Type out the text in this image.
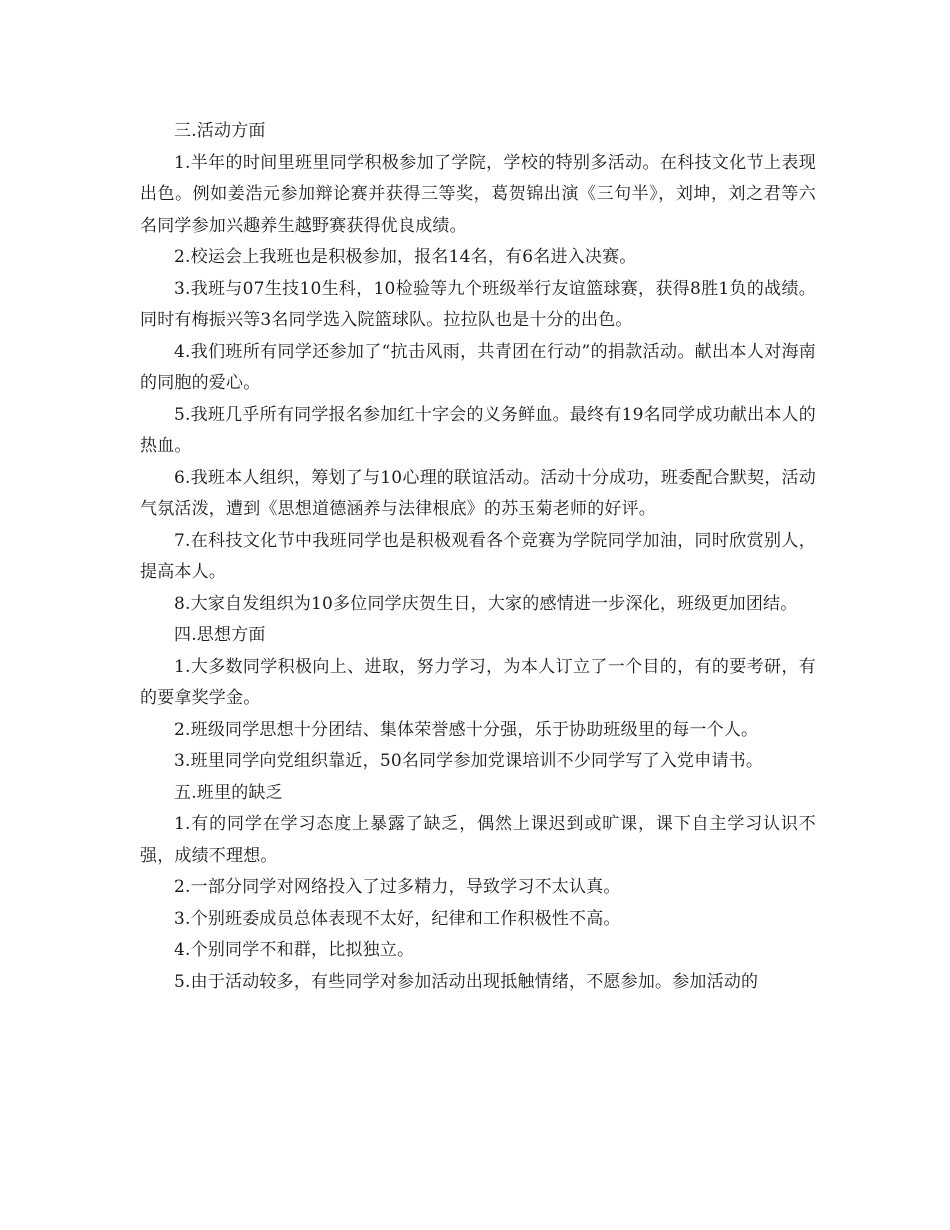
三.活动方面

1.半年的时间里班里同学积极参加了学院，学校的特别多活动。在科技文化节上表现出色。例如姜浩元参加辩论赛并获得三等奖，葛贺锦出演《三句半》，刘坤，刘之君等六名同学参加兴趣养生越野赛获得优良成绩。

2.校运会上我班也是积极参加，报名14名，有6名进入决赛。

3.我班与07生技10生科，10检验等九个班级举行友谊篮球赛，获得8胜1负的战绩。同时有梅振兴等3名同学选入院篮球队。拉拉队也是十分的出色。

4.我们班所有同学还参加了“抗击风雨，共青团在行动”的捐款活动。献出本人对海南的同胞的爱心。

5.我班几乎所有同学报名参加红十字会的义务鲜血。最终有19名同学成功献出本人的热血。

6.我班本人组织，筹划了与10心理的联谊活动。活动十分成功，班委配合默契，活动气氛活泼，遭到《思想道德涵养与法律根底》的苏玉菊老师的好评。

7.在科技文化节中我班同学也是积极观看各个竞赛为学院同学加油，同时欣赏别人，提高本人。

8.大家自发组织为10多位同学庆贺生日，大家的感情进一步深化，班级更加团结。

四.思想方面

1.大多数同学积极向上、进取，努力学习，为本人订立了一个目的，有的要考研，有的要拿奖学金。

2.班级同学思想十分团结、集体荣誉感十分强，乐于协助班级里的每一个人。

3.班里同学向党组织靠近，50名同学参加党课培训不少同学写了入党申请书。

五.班里的缺乏

1.有的同学在学习态度上暴露了缺乏，偶然上课迟到或旷课，课下自主学习认识不强，成绩不理想。

2.一部分同学对网络投入了过多精力，导致学习不太认真。

3.个别班委成员总体表现不太好，纪律和工作积极性不高。

4.个别同学不和群，比拟独立。

5.由于活动较多，有些同学对参加活动出现抵触情绪，不愿参加。参加活动的
